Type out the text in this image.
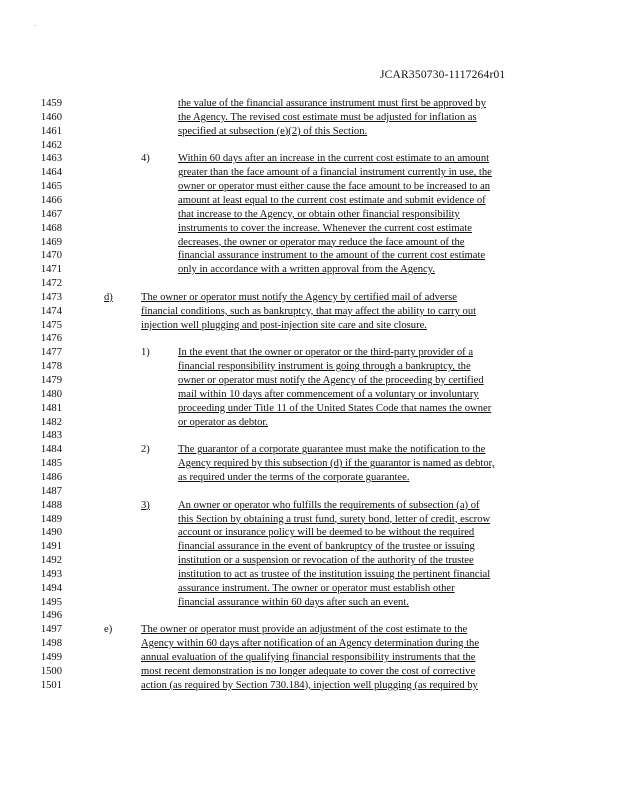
.
JCAR350730-1117264r01
1459	the value of the financial assurance instrument must first be approved by
1460	the Agency. The revised cost estimate must be adjusted for inflation as
1461	specified at subsection (e)(2) of this Section.
1462
1463	4)	Within 60 days after an increase in the current cost estimate to an amount
1464	greater than the face amount of a financial instrument currently in use, the
1465	owner or operator must either cause the face amount to be increased to an
1466	amount at least equal to the current cost estimate and submit evidence of
1467	that increase to the Agency, or obtain other financial responsibility
1468	instruments to cover the increase. Whenever the current cost estimate
1469	decreases, the owner or operator may reduce the face amount of the
1470	financial assurance instrument to the amount of the current cost estimate
1471	only in accordance with a written approval from the Agency.
1472
1473	d)	The owner or operator must notify the Agency by certified mail of adverse
1474	financial conditions, such as bankruptcy, that may affect the ability to carry out
1475	injection well plugging and post-injection site care and site closure.
1476
1477	1)	In the event that the owner or operator or the third-party provider of a
1478	financial responsibility instrument is going through a bankruptcy, the
1479	owner or operator must notify the Agency of the proceeding by certified
1480	mail within 10 days after commencement of a voluntary or involuntary
1481	proceeding under Title 11 of the United States Code that names the owner
1482	or operator as debtor.
1483
1484	2)	The guarantor of a corporate guarantee must make the notification to the
1485	Agency required by this subsection (d) if the guarantor is named as debtor,
1486	as required under the terms of the corporate guarantee.
1487
1488	3)	An owner or operator who fulfills the requirements of subsection (a) of
1489	this Section by obtaining a trust fund, surety bond, letter of credit, escrow
1490	account or insurance policy will be deemed to be without the required
1491	financial assurance in the event of bankruptcy of the trustee or issuing
1492	institution or a suspension or revocation of the authority of the trustee
1493	institution to act as trustee of the institution issuing the pertinent financial
1494	assurance instrument. The owner or operator must establish other
1495	financial assurance within 60 days after such an event.
1496
1497	e)	The owner or operator must provide an adjustment of the cost estimate to the
1498	Agency within 60 days after notification of an Agency determination during the
1499	annual evaluation of the qualifying financial responsibility instruments that the
1500	most recent demonstration is no longer adequate to cover the cost of corrective
1501	action (as required by Section 730.184), injection well plugging (as required by
